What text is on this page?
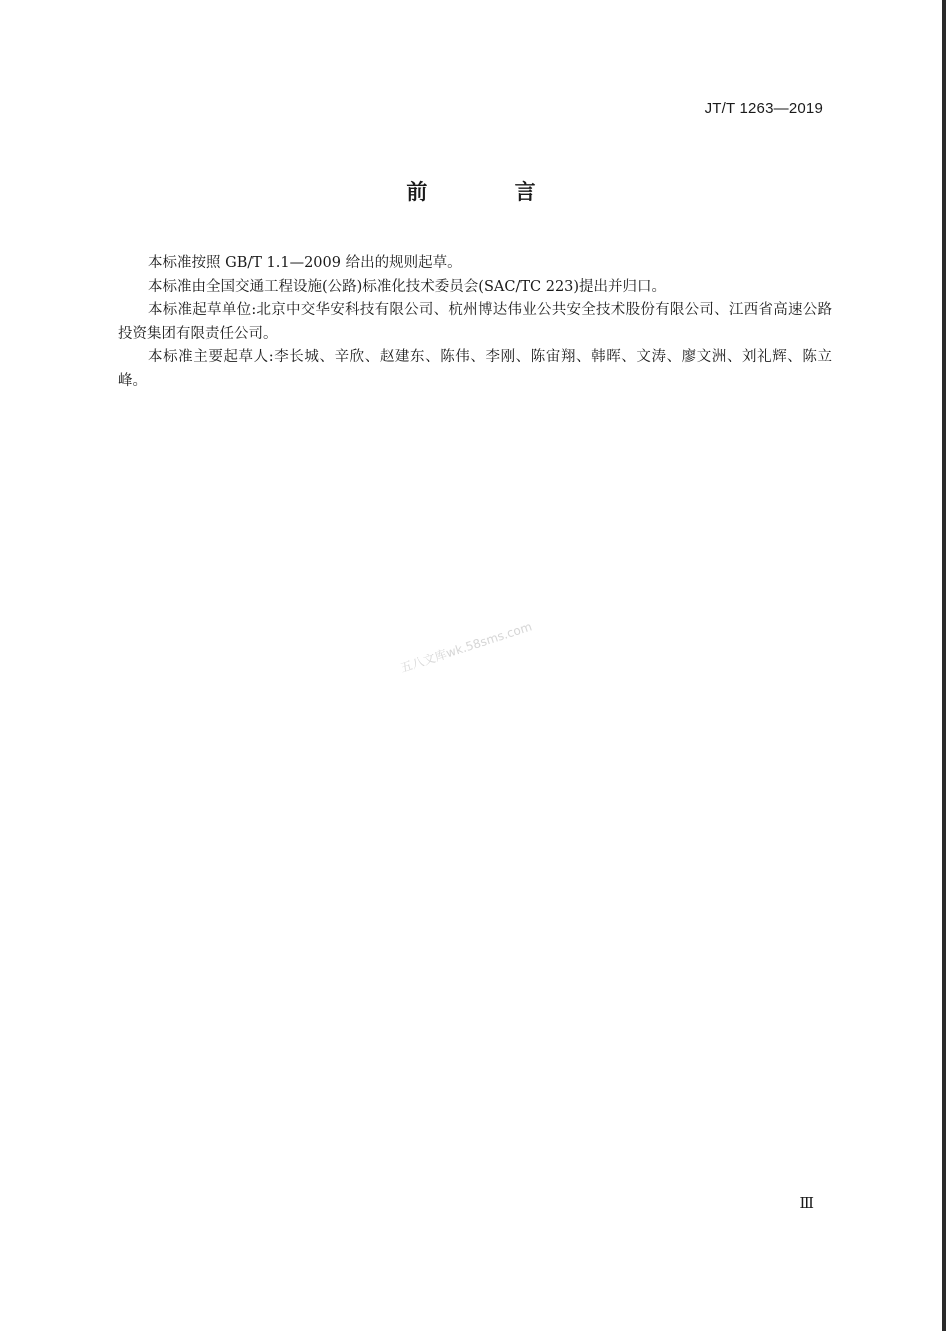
JT/T 1263—2019
前 言

本标准按照 GB/T 1.1—2009 给出的规则起草。

本标准由全国交通工程设施(公路)标准化技术委员会(SAC/TC 223)提出并归口。

本标准起草单位:北京中交华安科技有限公司、杭州博达伟业公共安全技术股份有限公司、江西省高速公路投资集团有限责任公司。

本标准主要起草人:李长城、辛欣、赵建东、陈伟、李刚、陈宙翔、韩晖、文涛、廖文洲、刘礼辉、陈立峰。

五八文库wk.58sms.com
Ⅲ
